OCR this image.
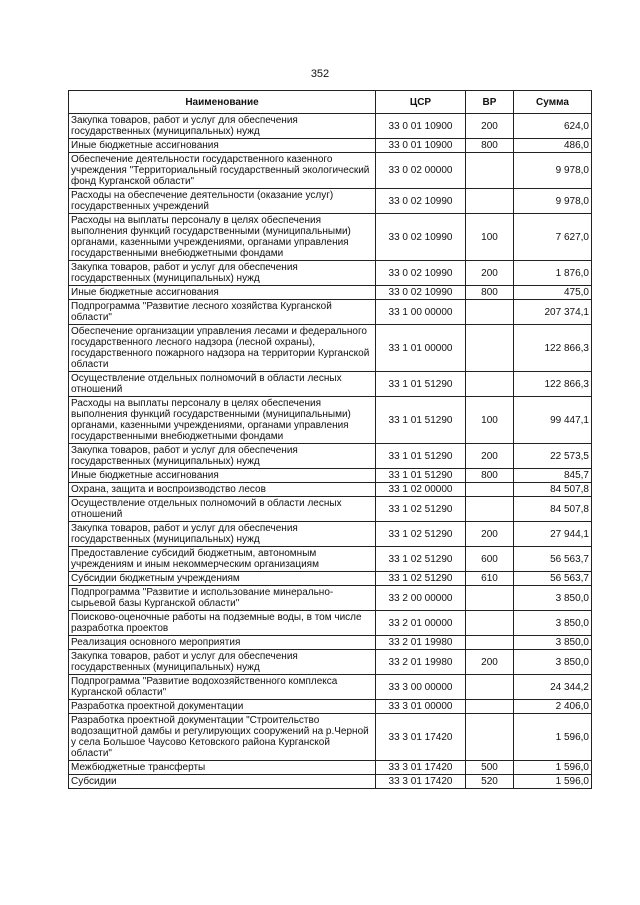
352
Наименование	ЦСР	ВР	Сумма
Закупка товаров, работ и услуг для обеспечения государственных (муниципальных) нужд	33 0 01 10900	200	624,0
Иные бюджетные ассигнования	33 0 01 10900	800	486,0
Обеспечение деятельности государственного казенного учреждения "Территориальный государственный экологический фонд Курганской области"	33 0 02 00000		9 978,0
Расходы на обеспечение деятельности (оказание услуг) государственных учреждений	33 0 02 10990		9 978,0
Расходы на выплаты персоналу в целях обеспечения выполнения функций государственными (муниципальными) органами, казенными учреждениями, органами управления государственными внебюджетными фондами	33 0 02 10990	100	7 627,0
Закупка товаров, работ и услуг для обеспечения государственных (муниципальных) нужд	33 0 02 10990	200	1 876,0
Иные бюджетные ассигнования	33 0 02 10990	800	475,0
Подпрограмма "Развитие лесного хозяйства Курганской области"	33 1 00 00000		207 374,1
Обеспечение организации управления лесами и федерального государственного лесного надзора (лесной охраны), государственного пожарного надзора на территории Курганской области	33 1 01 00000		122 866,3
Осуществление отдельных полномочий в области лесных отношений	33 1 01 51290		122 866,3
Расходы на выплаты персоналу в целях обеспечения выполнения функций государственными (муниципальными) органами, казенными учреждениями, органами управления государственными внебюджетными фондами	33 1 01 51290	100	99 447,1
Закупка товаров, работ и услуг для обеспечения государственных (муниципальных) нужд	33 1 01 51290	200	22 573,5
Иные бюджетные ассигнования	33 1 01 51290	800	845,7
Охрана, защита и воспроизводство лесов	33 1 02 00000		84 507,8
Осуществление отдельных полномочий в области лесных отношений	33 1 02 51290		84 507,8
Закупка товаров, работ и услуг для обеспечения государственных (муниципальных) нужд	33 1 02 51290	200	27 944,1
Предоставление субсидий бюджетным, автономным учреждениям и иным некоммерческим организациям	33 1 02 51290	600	56 563,7
Субсидии бюджетным учреждениям	33 1 02 51290	610	56 563,7
Подпрограмма "Развитие и использование минерально-сырьевой базы Курганской области"	33 2 00 00000		3 850,0
Поисково-оценочные работы на подземные воды, в том числе разработка проектов	33 2 01 00000		3 850,0
Реализация основного мероприятия	33 2 01 19980		3 850,0
Закупка товаров, работ и услуг для обеспечения государственных (муниципальных) нужд	33 2 01 19980	200	3 850,0
Подпрограмма "Развитие водохозяйственного комплекса Курганской области"	33 3 00 00000		24 344,2
Разработка проектной документации	33 3 01 00000		2 406,0
Разработка проектной документации "Строительство водозащитной дамбы и регулирующих сооружений на р.Черной у села Большое Чаусово Кетовского района Курганской области"	33 3 01 17420		1 596,0
Межбюджетные трансферты	33 3 01 17420	500	1 596,0
Субсидии	33 3 01 17420	520	1 596,0
